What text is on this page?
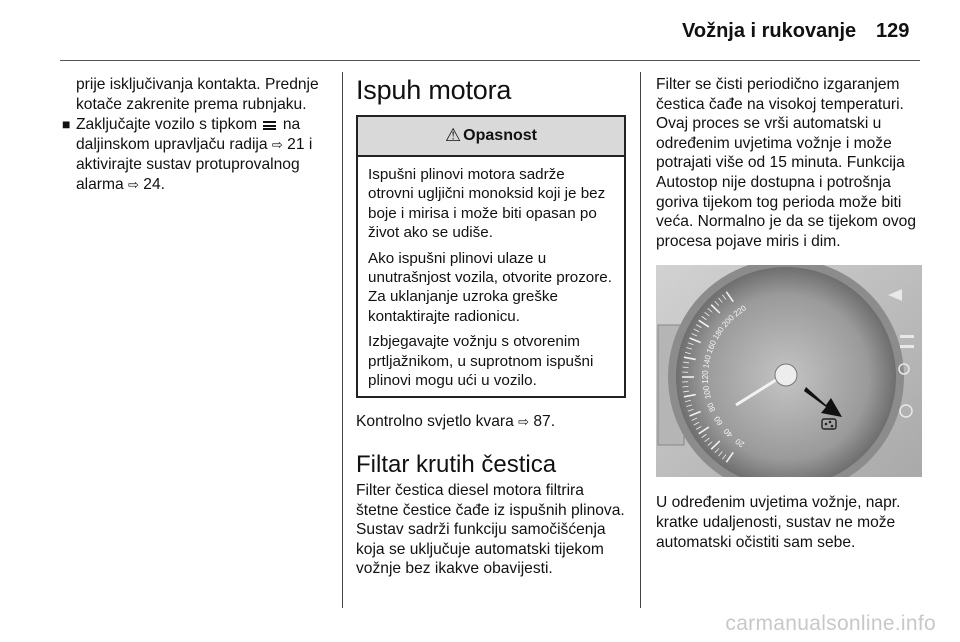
Vožnja i rukovanje 129

prije isključivanja kontakta. Prednje kotače zakrenite prema rubnjaku.

■ Zaključajte vozilo s tipkom na daljinskom upravljaču radija ⇨ 21 i aktivirajte sustav protuprovalnog alarma ⇨ 24.

Ispuh motora
⚠ Opasnost

Ispušni plinovi motora sadrže otrovni ugljični monoksid koji je bez boje i mirisa i može biti opasan po život ako se udiše.

Ako ispušni plinovi ulaze u unutrašnjost vozila, otvorite prozore. Za uklanjanje uzroka greške kontaktirajte radionicu.

Izbjegavajte vožnju s otvorenim prtljažnikom, u suprotnom ispušni plinovi mogu ući u vozilo.

Kontrolno svjetlo kvara ⇨ 87.

Filtar krutih čestica

Filter čestica diesel motora filtrira štetne čestice čađe iz ispušnih plinova. Sustav sadrži funkciju samočišćenja koja se uključuje automatski tijekom vožnje bez ikakve obavijesti.

Filter se čisti periodično izgaranjem čestica čađe na visokoj temperaturi. Ovaj proces se vrši automatski u određenim uvjetima vožnje i može potrajati više od 15 minuta. Funkcija Autostop nije dostupna i potrošnja goriva tijekom tog perioda može biti veća. Normalno je da se tijekom ovog procesa pojave miris i dim.

20
40
60
80
100
120
140
160
180
200
220

U određenim uvjetima vožnje, napr. kratke udaljenosti, sustav ne može automatski očistiti sam sebe.

carmanualsonline.info
